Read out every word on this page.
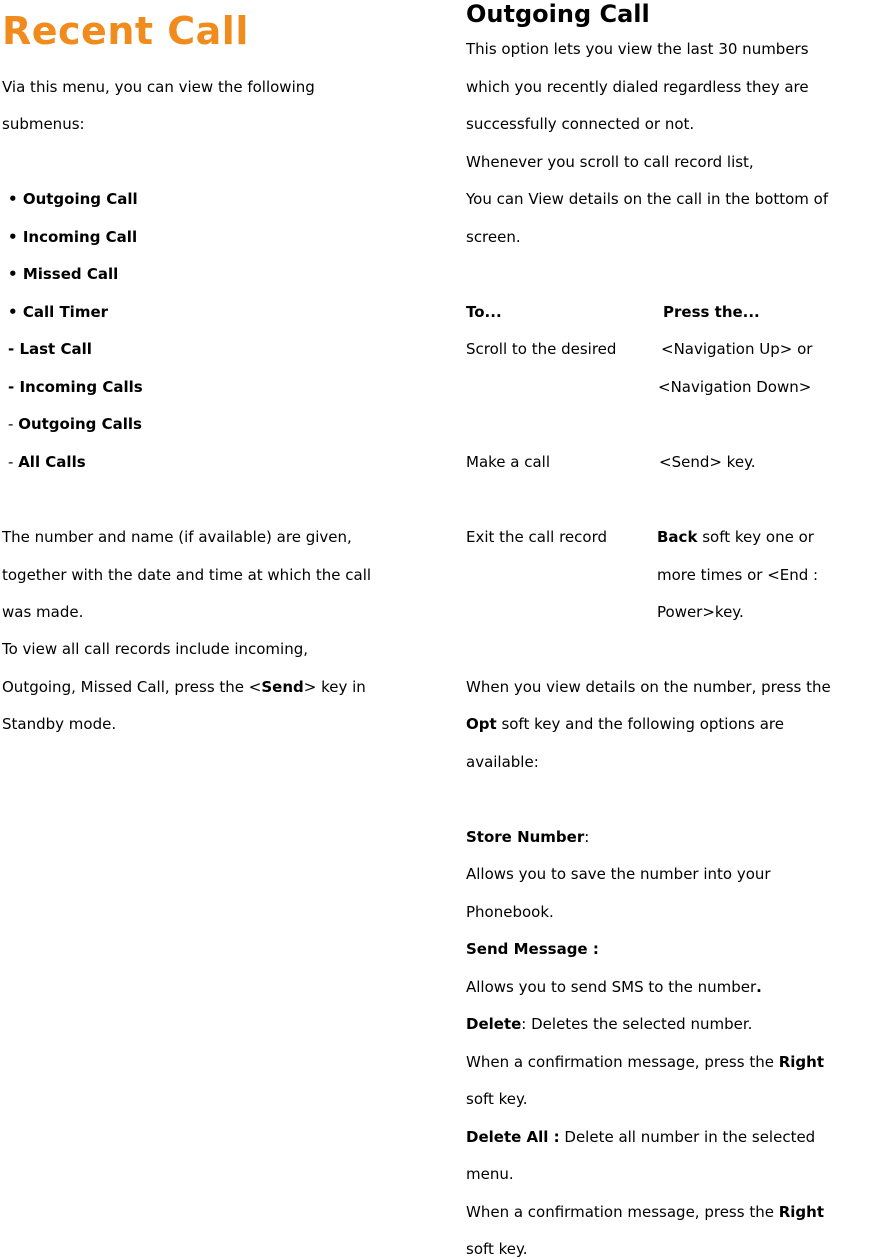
Recent Call
Via this menu, you can view the following
submenus:
• Outgoing Call
• Incoming Call
• Missed Call
• Call Timer
- Last Call
- Incoming Calls
- Outgoing Calls
- All Calls
The number and name (if available) are given,
together with the date and time at which the call
was made.
To view all call records include incoming,
Outgoing, Missed Call, press the <Send> key in
Standby mode.
Outgoing Call
This option lets you view the last 30 numbers
which you recently dialed regardless they are
successfully connected or not.
Whenever you scroll to call record list,
You can View details on the call in the bottom of
screen.
To...	Press the...
Scroll to the desired	<Navigation Up> or
<Navigation Down>
Make a call	<Send> key.
Exit the call record	Back soft key one or
more times or <End :
Power>key.
When you view details on the number, press the
Opt soft key and the following options are
available:
Store Number:
Allows you to save the number into your
Phonebook.
Send Message :
Allows you to send SMS to the number.
Delete: Deletes the selected number.
When a confirmation message, press the Right
soft key.
Delete All : Delete all number in the selected
menu.
When a confirmation message, press the Right
soft key.
